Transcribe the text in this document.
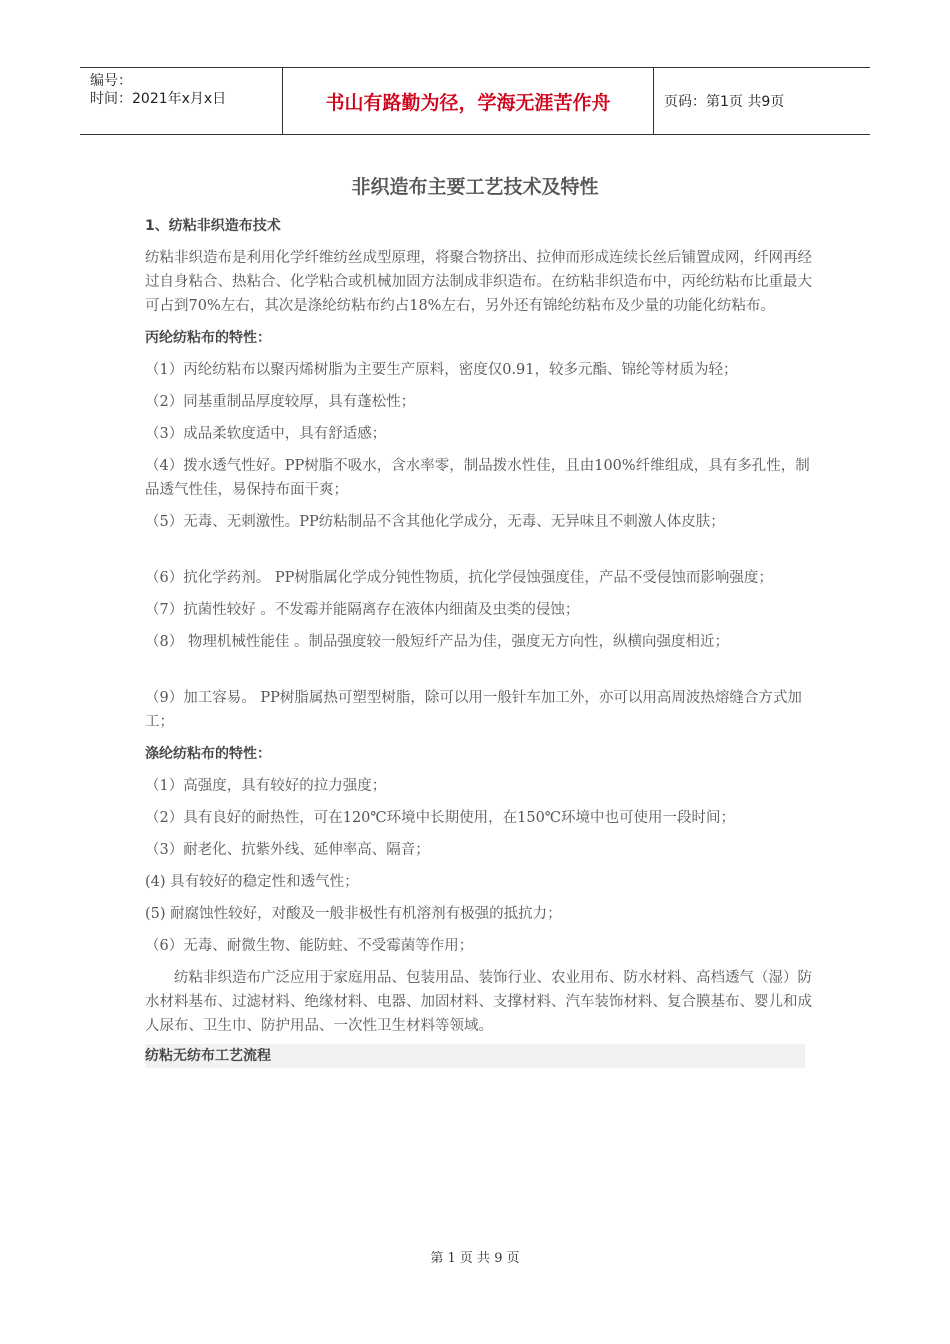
编号：
时间：2021年x月x日	书山有路勤为径，学海无涯苦作舟	页码：第1页 共9页
非织造布主要工艺技术及特性

1、纺粘非织造布技术

纺粘非织造布是利用化学纤维纺丝成型原理，将聚合物挤出、拉伸而形成连续长丝后铺置成网，纤网再经过自身粘合、热粘合、化学粘合或机械加固方法制成非织造布。在纺粘非织造布中，丙纶纺粘布比重最大可占到70%左右，其次是涤纶纺粘布约占18%左右，另外还有锦纶纺粘布及少量的功能化纺粘布。

丙纶纺粘布的特性：

（1）丙纶纺粘布以聚丙烯树脂为主要生产原料，密度仅0.91，较多元酯、锦纶等材质为轻；

（2）同基重制品厚度较厚，具有蓬松性；

（3）成品柔软度适中，具有舒适感；

（4）拨水透气性好。PP树脂不吸水，含水率零，制品拨水性佳，且由100%纤维组成，具有多孔性，制品透气性佳，易保持布面干爽；

（5）无毒、无刺激性。PP纺粘制品不含其他化学成分，无毒、无异味且不刺激人体皮肤；

（6）抗化学药剂。 PP树脂属化学成分钝性物质，抗化学侵蚀强度佳，产品不受侵蚀而影响强度；

（7）抗菌性较好 。不发霉并能隔离存在液体内细菌及虫类的侵蚀；

（8） 物理机械性能佳 。制品强度较一般短纤产品为佳，强度无方向性，纵横向强度相近；

（9）加工容易。 PP树脂属热可塑型树脂，除可以用一般针车加工外，亦可以用高周波热熔缝合方式加工；

涤纶纺粘布的特性：

（1）高强度，具有较好的拉力强度；

（2）具有良好的耐热性，可在120℃环境中长期使用，在150℃环境中也可使用一段时间；

（3）耐老化、抗紫外线、延伸率高、隔音；

(4) 具有较好的稳定性和透气性；

(5) 耐腐蚀性较好，对酸及一般非极性有机溶剂有极强的抵抗力；

（6）无毒、耐微生物、能防蛀、不受霉菌等作用；

纺粘非织造布广泛应用于家庭用品、包装用品、装饰行业、农业用布、防水材料、高档透气（湿）防水材料基布、过滤材料、绝缘材料、电器、加固材料、支撑材料、汽车装饰材料、复合膜基布、婴儿和成人尿布、卫生巾、防护用品、一次性卫生材料等领域。

纺粘无纺布工艺流程

第 1 页 共 9 页
